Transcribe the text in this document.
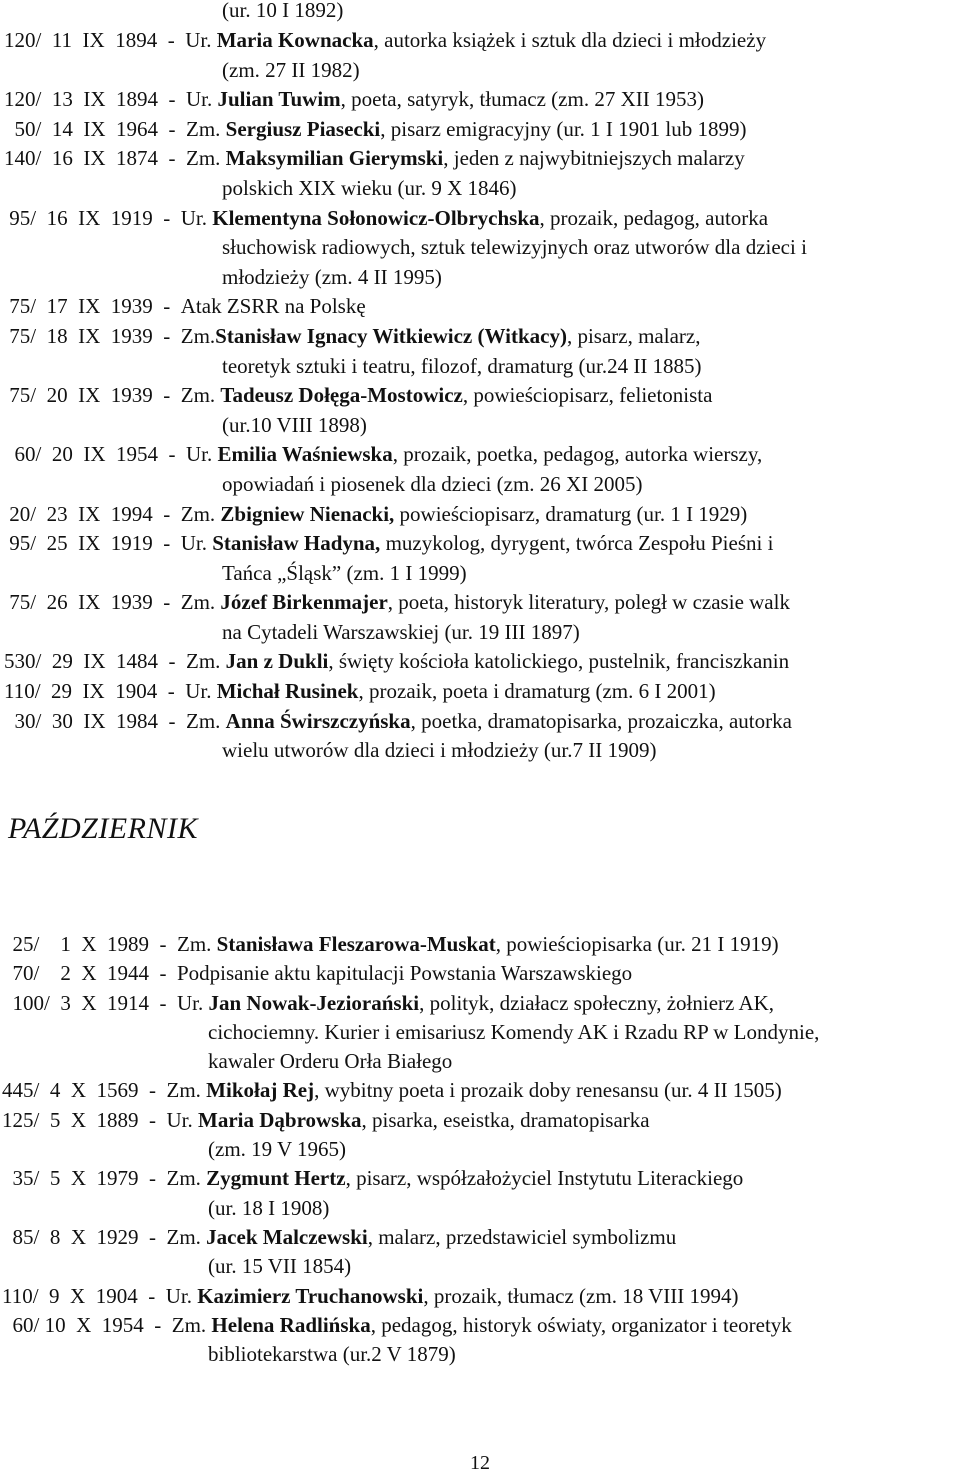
(ur. 10 I 1892)
120/  11  IX  1894  -  Ur. Maria Kownacka, autorka książek i sztuk dla dzieci i młodzieży
(zm. 27 II 1982)
120/  13  IX  1894  -  Ur. Julian Tuwim, poeta, satyryk, tłumacz (zm. 27 XII 1953)
50/  14  IX  1964  -  Zm. Sergiusz Piasecki, pisarz emigracyjny (ur. 1 I 1901 lub 1899)
140/  16  IX  1874  -  Zm. Maksymilian Gierymski, jeden z najwybitniejszych malarzy
polskich XIX wieku (ur. 9 X 1846)
95/  16  IX  1919  -  Ur. Klementyna Sołonowicz-Olbrychska, prozaik, pedagog, autorka
słuchowisk radiowych, sztuk telewizyjnych oraz utworów dla dzieci i
młodzieży (zm. 4 II 1995)
75/  17  IX  1939  -  Atak ZSRR na Polskę
75/  18  IX  1939  -  Zm.Stanisław Ignacy Witkiewicz (Witkacy), pisarz, malarz,
teoretyk sztuki i teatru, filozof, dramaturg (ur.24 II 1885)
75/  20  IX  1939  -  Zm. Tadeusz Dołęga-Mostowicz, powieściopisarz, felietonista
(ur.10 VIII 1898)
60/  20  IX  1954  -  Ur. Emilia Waśniewska, prozaik, poetka, pedagog, autorka wierszy,
opowiadań i piosenek dla dzieci (zm. 26 XI 2005)
20/  23  IX  1994  -  Zm. Zbigniew Nienacki, powieściopisarz, dramaturg (ur. 1 I 1929)
95/  25  IX  1919  -  Ur. Stanisław Hadyna, muzykolog, dyrygent, twórca Zespołu Pieśni i
Tańca „Śląsk” (zm. 1 I 1999)
75/  26  IX  1939  -  Zm. Józef Birkenmajer, poeta, historyk literatury, poległ w czasie walk
na Cytadeli Warszawskiej (ur. 19 III 1897)
530/  29  IX  1484  -  Zm. Jan z Dukli, święty kościoła katolickiego, pustelnik, franciszkanin
110/  29  IX  1904  -  Ur. Michał Rusinek, prozaik, poeta i dramaturg (zm. 6 I 2001)
30/  30  IX  1984  -  Zm. Anna Świrszczyńska, poetka, dramatopisarka, prozaiczka, autorka
wielu utworów dla dzieci i młodzieży (ur.7 II 1909)
PAŹDZIERNIK
25/    1  X  1989  -  Zm. Stanisława Fleszarowa-Muskat, powieściopisarka (ur. 21 I 1919)
70/    2  X  1944  -  Podpisanie aktu kapitulacji Powstania Warszawskiego
100/  3  X  1914  -  Ur. Jan Nowak-Jeziorański, polityk, działacz społeczny, żołnierz AK,
cichociemny. Kurier i emisariusz Komendy AK i Rzadu RP w Londynie,
kawaler Orderu Orła Białego
445/  4  X  1569  -  Zm. Mikołaj Rej, wybitny poeta i prozaik doby renesansu (ur. 4 II 1505)
125/  5  X  1889  -  Ur. Maria Dąbrowska, pisarka, eseistka, dramatopisarka
(zm. 19 V 1965)
35/  5  X  1979  -  Zm. Zygmunt Hertz, pisarz, współzałożyciel Instytutu Literackiego
(ur. 18 I 1908)
85/  8  X  1929  -  Zm. Jacek Malczewski, malarz, przedstawiciel symbolizmu
(ur. 15 VII 1854)
110/  9  X  1904  -  Ur. Kazimierz Truchanowski, prozaik, tłumacz (zm. 18 VIII 1994)
60/ 10  X  1954  -  Zm. Helena Radlińska, pedagog, historyk oświaty, organizator i teoretyk
bibliotekarstwa (ur.2 V 1879)
12
